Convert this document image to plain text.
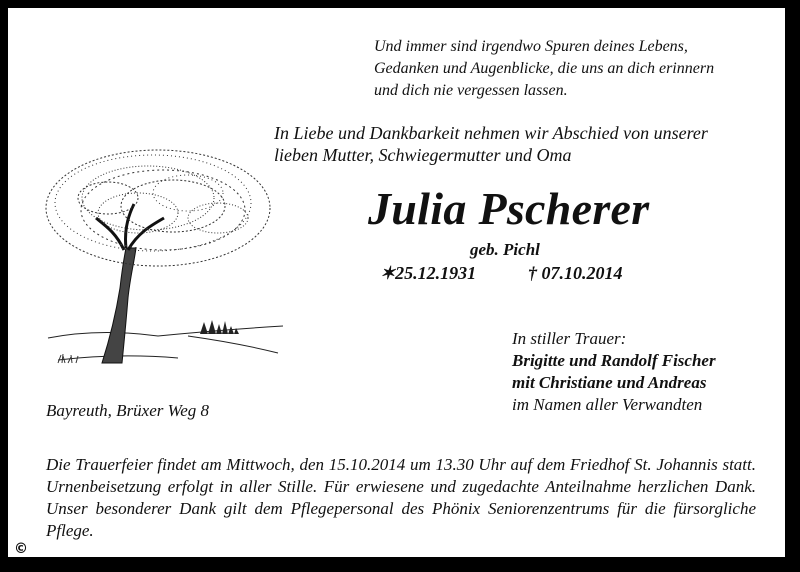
Und immer sind irgendwo Spuren deines Lebens,
Gedanken und Augenblicke, die uns an dich erinnern
und dich nie vergessen lassen.
In Liebe und Dankbarkeit nehmen wir Abschied von unserer
lieben Mutter, Schwiegermutter und Oma
Julia Pscherer
geb. Pichl
✶25.12.1931	† 07.10.2014
In stiller Trauer:
Brigitte und Randolf Fischer
mit Christiane und Andreas
im Namen aller Verwandten
Bayreuth, Brüxer Weg 8
Die Trauerfeier findet am Mittwoch, den 15.10.2014 um 13.30 Uhr auf dem Friedhof St. Johannis statt. Urnenbeisetzung erfolgt in aller Stille. Für erwiesene und zugedachte Anteilnahme herzlichen Dank. Unser besonderer Dank gilt dem Pflegepersonal des Phönix Seniorenzentrums für die fürsorgliche Pflege.
©
